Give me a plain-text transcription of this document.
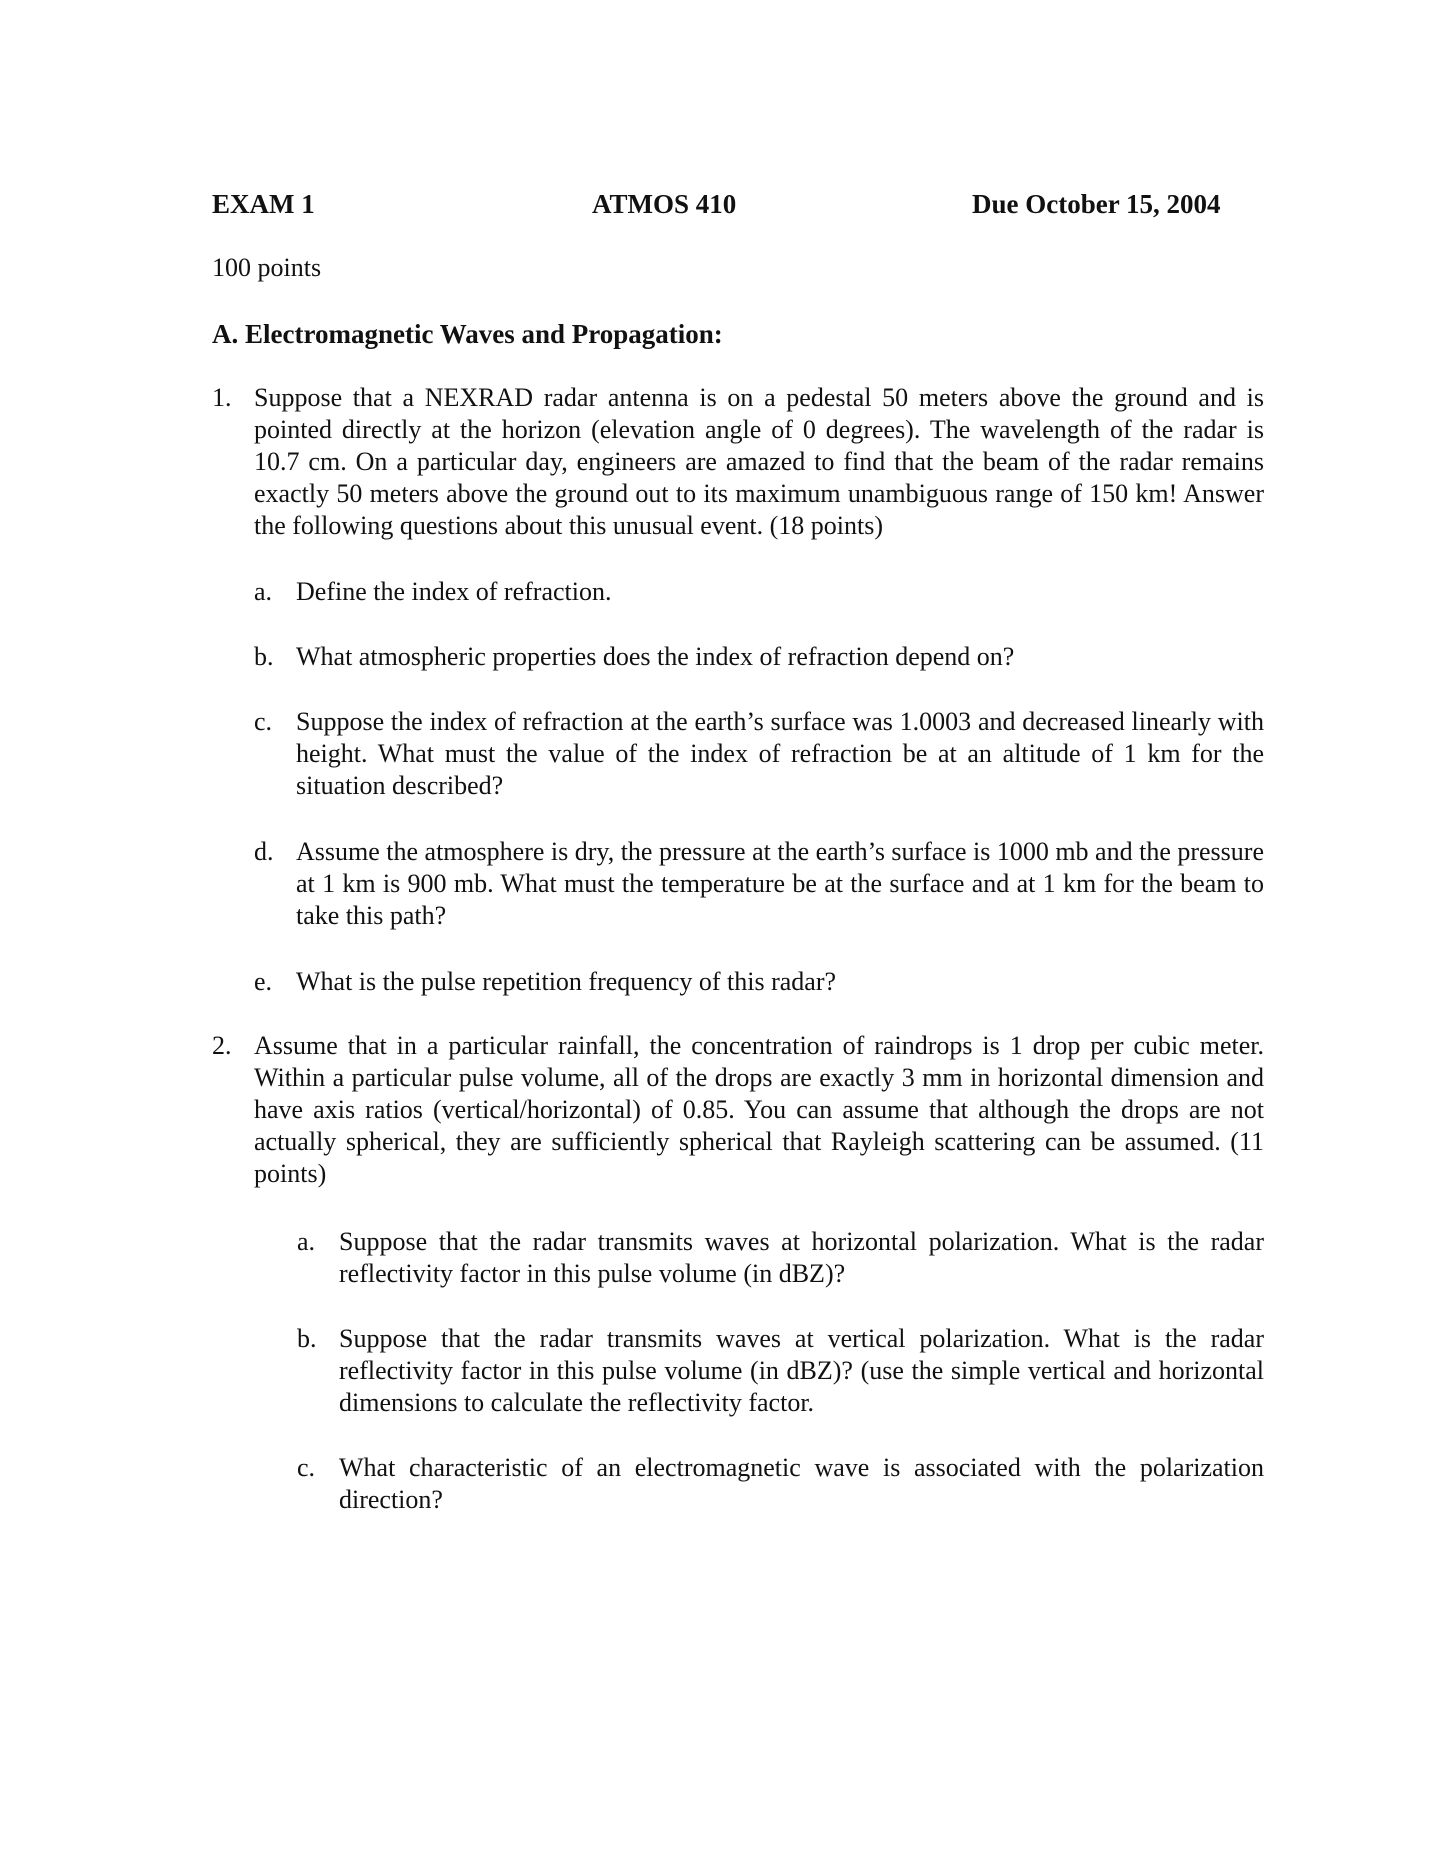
EXAM 1	ATMOS 410	Due October 15, 2004
100 points
A. Electromagnetic Waves and Propagation:
1. Suppose that a NEXRAD radar antenna is on a pedestal 50 meters above the ground and is pointed directly at the horizon (elevation angle of 0 degrees). The wavelength of the radar is 10.7 cm. On a particular day, engineers are amazed to find that the beam of the radar remains exactly 50 meters above the ground out to its maximum unambiguous range of 150 km! Answer the following questions about this unusual event. (18 points)
a. Define the index of refraction.
b. What atmospheric properties does the index of refraction depend on?
c. Suppose the index of refraction at the earth’s surface was 1.0003 and decreased linearly with height. What must the value of the index of refraction be at an altitude of 1 km for the situation described?
d. Assume the atmosphere is dry, the pressure at the earth’s surface is 1000 mb and the pressure at 1 km is 900 mb. What must the temperature be at the surface and at 1 km for the beam to take this path?
e. What is the pulse repetition frequency of this radar?
2. Assume that in a particular rainfall, the concentration of raindrops is 1 drop per cubic meter. Within a particular pulse volume, all of the drops are exactly 3 mm in horizontal dimension and have axis ratios (vertical/horizontal) of 0.85. You can assume that although the drops are not actually spherical, they are sufficiently spherical that Rayleigh scattering can be assumed. (11 points)
a. Suppose that the radar transmits waves at horizontal polarization. What is the radar reflectivity factor in this pulse volume (in dBZ)?
b. Suppose that the radar transmits waves at vertical polarization. What is the radar reflectivity factor in this pulse volume (in dBZ)? (use the simple vertical and horizontal dimensions to calculate the reflectivity factor.
c. What characteristic of an electromagnetic wave is associated with the polarization direction?
